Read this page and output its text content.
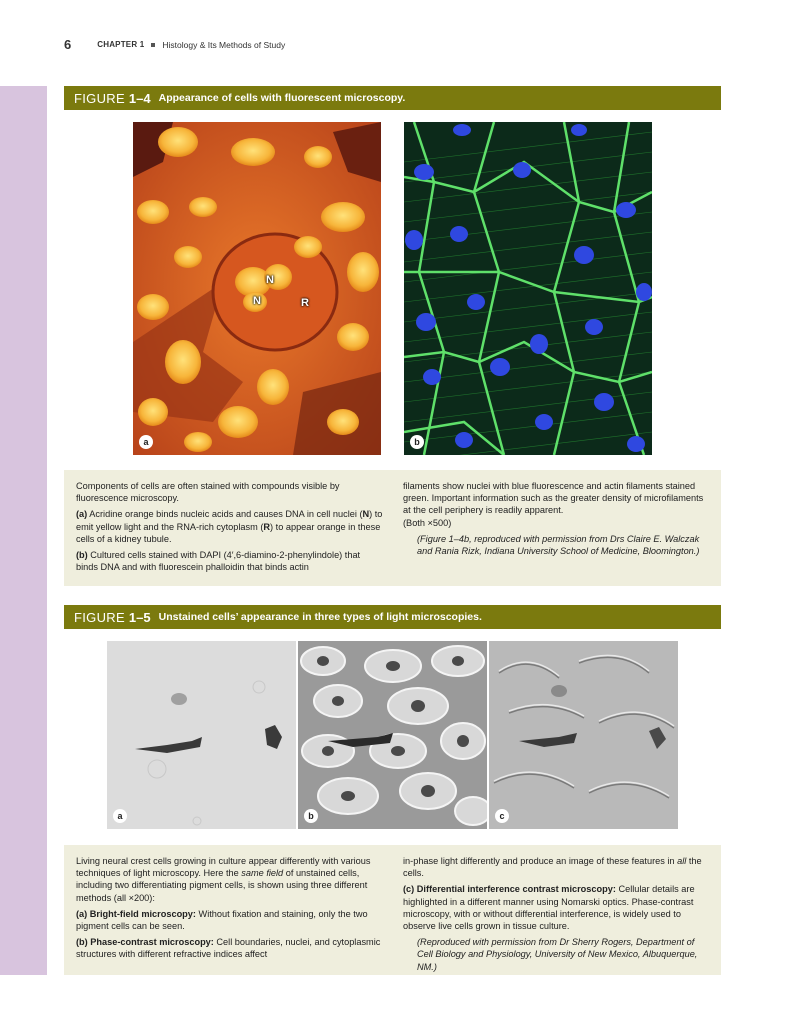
6	CHAPTER 1 Histology & Its Methods of Study
FIGURE 1–4 Appearance of cells with fluorescent microscopy.
N
N	R
a	b

Components of cells are often stained with compounds visible by fluorescence microscopy.

(a) Acridine orange binds nucleic acids and causes DNA in cell nuclei (N) to emit yellow light and the RNA-rich cytoplasm (R) to appear orange in these cells of a kidney tubule.

(b) Cultured cells stained with DAPI (4′,6-diamino-2-phenylindole) that binds DNA and with fluorescein phalloidin that binds actin

filaments show nuclei with blue fluorescence and actin filaments stained green. Important information such as the greater density of microfilaments at the cell periphery is readily apparent.

(Both ×500)

(Figure 1–4b, reproduced with permission from Drs Claire E. Walczak and Rania Rizk, Indiana University School of Medicine, Bloomington.)

FIGURE 1–5 Unstained cells’ appearance in three types of light microscopies.
a	b	c

Living neural crest cells growing in culture appear differently with various techniques of light microscopy. Here the same field of unstained cells, including two differentiating pigment cells, is shown using three different methods (all ×200):

(a) Bright-field microscopy: Without fixation and staining, only the two pigment cells can be seen.

(b) Phase-contrast microscopy: Cell boundaries, nuclei, and cytoplasmic structures with different refractive indices affect

in-phase light differently and produce an image of these features in all the cells.

(c) Differential interference contrast microscopy: Cellular details are highlighted in a different manner using Nomarski optics. Phase-contrast microscopy, with or without differential interference, is widely used to observe live cells grown in tissue culture.

(Reproduced with permission from Dr Sherry Rogers, Department of Cell Biology and Physiology, University of New Mexico, Albuquerque, NM.)
